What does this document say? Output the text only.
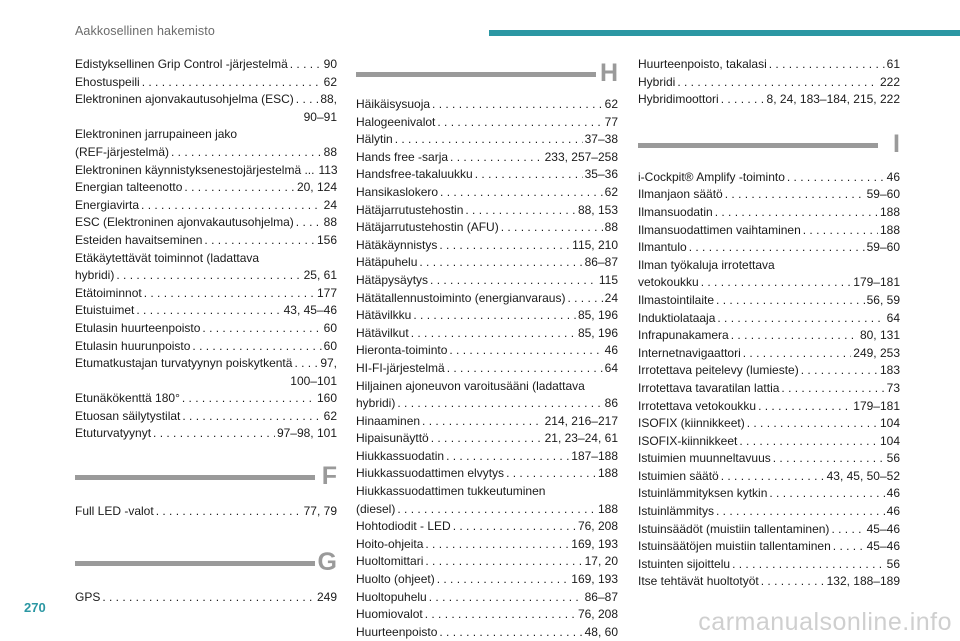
Aakkosellinen hakemisto
Edistyksellinen Grip Control -järjestelmä . . .	90
Ehostuspeili . . .	62
Elektroninen ajonvakautusohjelma (ESC) . . . 88,
90–91
Elektroninen jarrupaineen jako
(REF-järjestelmä) . . .	88
Elektroninen käynnistyksenestojärjestelmä ... 113
Energian talteenotto . . .	20, 124
Energiavirta . . .	24
ESC (Elektroninen ajonvakautusohjelma) . . . 88
Esteiden havaitseminen . . .	156
Etäkäytettävät toiminnot (ladattava
hybridi) . . .	25, 61
Etätoiminnot . . .	177
Etuistuimet . . .	43, 45–46
Etulasin huurteenpoisto . . .	60
Etulasin huurunpoisto . . .	60
Etumatkustajan turvatyynyn poiskytkentä . . . 97,
100–101
Etunäkökenttä 180° . . .	160
Etuosan säilytystilat . . .	62
Etuturvatyynyt . . .	97–98, 101
F
Full LED -valot . . .	77, 79
G
GPS . . .	249
H
Häikäisysuoja . . .	62
Halogeenivalot . . .	77
Hälytin . . .	37–38
Hands free -sarja . . .	233, 257–258
Handsfree-takaluukku . . .	35–36
Hansikaslokero . . .	62
Hätäjarrutustehostin . . .	88, 153
Hätäjarrutustehostin (AFU) . . .	88
Hätäkäynnistys . . .	115, 210
Hätäpuhelu . . .	86–87
Hätäpysäytys . . .	115
Hätätallennustoiminto (energianvaraus) . . .	24
Hätävilkku . . .	85, 196
Hätävilkut . . .	85, 196
Hieronta-toiminto . . .	46
HI-FI-järjestelmä . . .	64
Hiljainen ajoneuvon varoitusääni (ladattava
hybridi) . . .	86
Hinaaminen . . .	214, 216–217
Hipaisunäyttö . . .	21, 23–24, 61
Hiukkassuodatin . . .	187–188
Hiukkassuodattimen elvytys . . .	188
Hiukkassuodattimen tukkeutuminen
(diesel) . . .	188
Hohtodiodit - LED . . .	76, 208
Hoito-ohjeita . . .	169, 193
Huoltomittari . . .	17, 20
Huolto (ohjeet) . . .	169, 193
Huoltopuhelu . . .	86–87
Huomiovalot . . .	76, 208
Huurteenpoisto . . .	48, 60
Huurteenpoisto, takalasi . . .	61
Hybridi . . .	222
Hybridimoottori . . .	8, 24, 183–184, 215, 222
I
i-Cockpit® Amplify -toiminto . . .	46
Ilmanjaon säätö . . .	59–60
Ilmansuodatin . . .	188
Ilmansuodattimen vaihtaminen . . .	188
Ilmantulo . . .	59–60
Ilman työkaluja irrotettava
vetokoukku . . .	179–181
Ilmastointilaite . . .	56, 59
Induktiolataaja . . .	64
Infrapunakamera . . .	80, 131
Internetnavigaattori . . .	249, 253
Irrotettava peitelevy (lumieste) . . .	183
Irrotettava tavaratilan lattia . . .	73
Irrotettava vetokoukku . . .	179–181
ISOFIX (kiinnikkeet) . . .	104
ISOFIX-kiinnikkeet . . .	104
Istuimien muunneltavuus . . .	56
Istuimien säätö . . .	43, 45, 50–52
Istuinlämmityksen kytkin . . .	46
Istuinlämmitys . . .	46
Istuinsäädöt (muistiin tallentaminen) . . .	45–46
Istuinsäätöjen muistiin tallentaminen . . .	45–46
Istuinten sijoittelu . . .	56
Itse tehtävät huoltotyöt . . .	132, 188–189
270
carmanualsonline.info
